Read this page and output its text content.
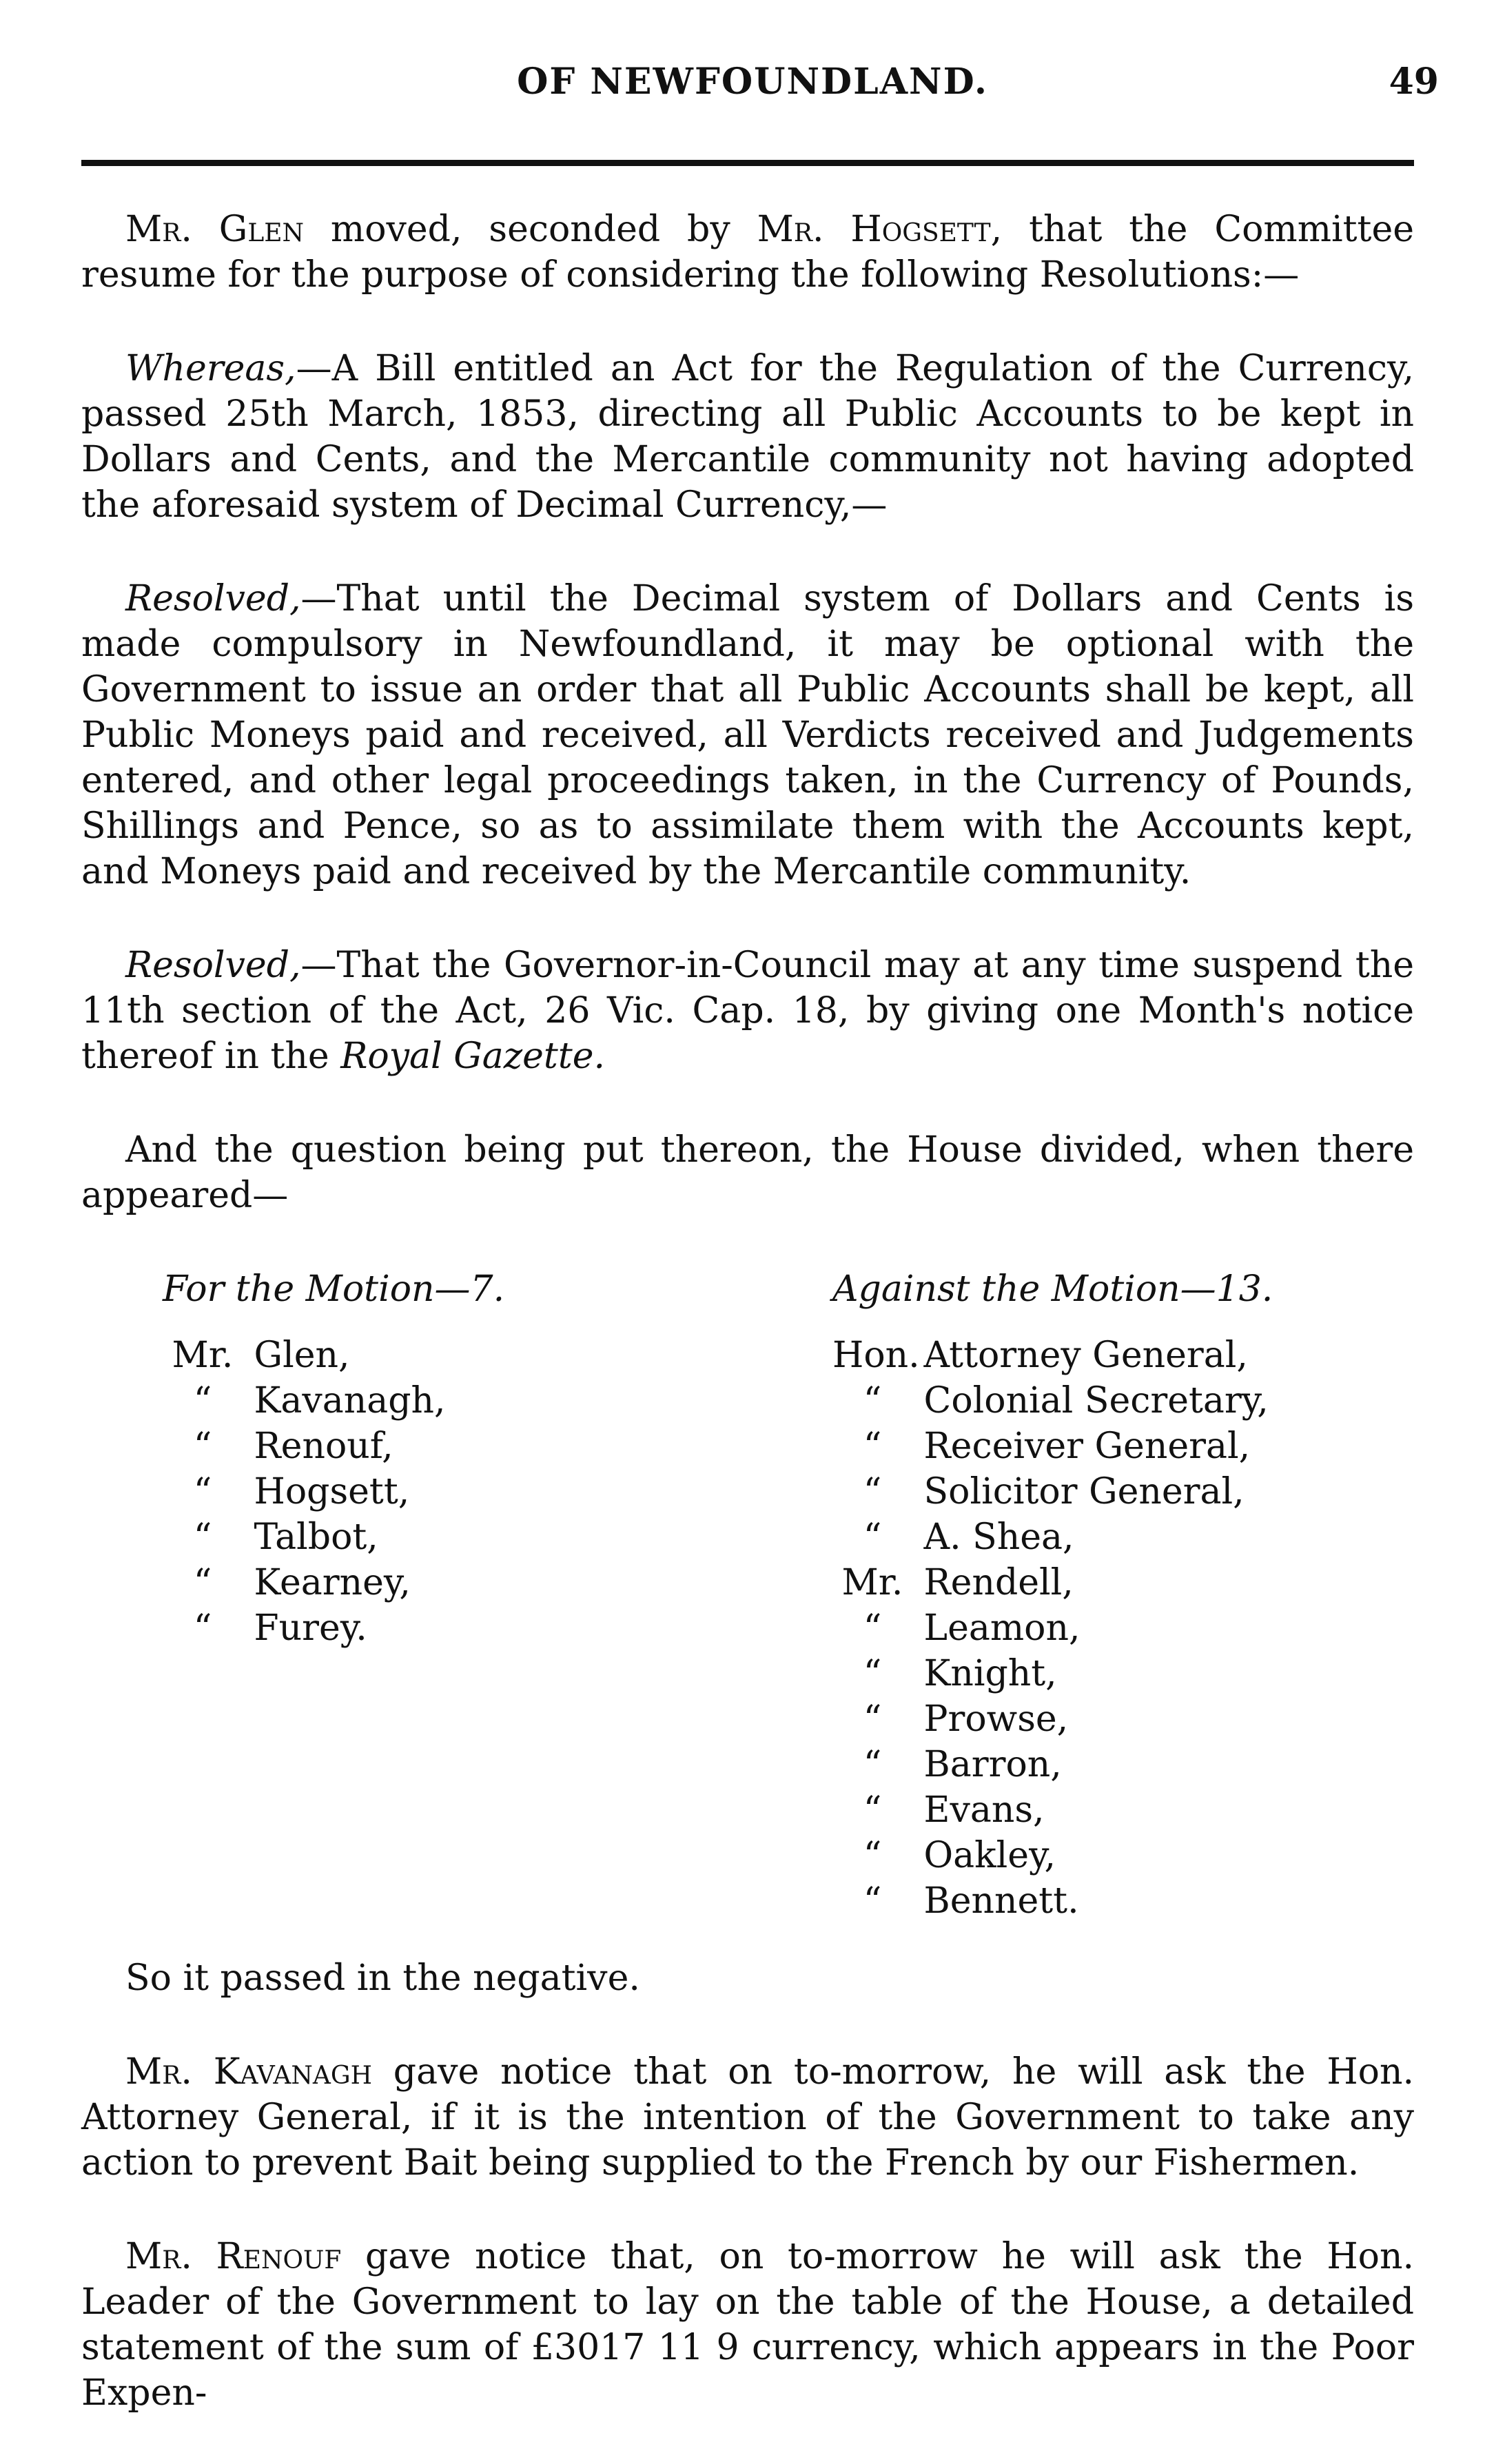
OF NEWFOUNDLAND.	49

Mr. Glen moved, seconded by Mr. Hogsett, that the Committee resume for the purpose of considering the following Resolutions:—

Whereas,—A Bill entitled an Act for the Regulation of the Currency, passed 25th March, 1853, directing all Public Accounts to be kept in Dollars and Cents, and the Mercantile community not having adopted the aforesaid system of Decimal Currency,—

Resolved,—That until the Decimal system of Dollars and Cents is made compulsory in Newfoundland, it may be optional with the Government to issue an order that all Public Accounts shall be kept, all Public Moneys paid and received, all Verdicts received and Judgements entered, and other legal proceedings taken, in the Currency of Pounds, Shillings and Pence, so as to assimilate them with the Accounts kept, and Moneys paid and received by the Mercantile community.

Resolved,—That the Governor-in-Council may at any time suspend the 11th section of the Act, 26 Vic. Cap. 18, by giving one Month's notice thereof in the Royal Gazette.

And the question being put thereon, the House divided, when there appeared—

For the Motion—7.
Mr. Glen,
“ Kavanagh,
“ Renouf,
“ Hogsett,
“ Talbot,
“ Kearney,
“ Furey.
Against the Motion—13.
Hon. Attorney General,
“ Colonial Secretary,
“ Receiver General,
“ Solicitor General,
“ A. Shea,
Mr. Rendell,
“ Leamon,
“ Knight,
“ Prowse,
“ Barron,
“ Evans,
“ Oakley,
“ Bennett.

So it passed in the negative.

Mr. Kavanagh gave notice that on to-morrow, he will ask the Hon. Attorney General, if it is the intention of the Government to take any action to prevent Bait being supplied to the French by our Fishermen.

Mr. Renouf gave notice that, on to-morrow he will ask the Hon. Leader of the Government to lay on the table of the House, a detailed statement of the sum of £3017 11 9 currency, which appears in the Poor Expen-
